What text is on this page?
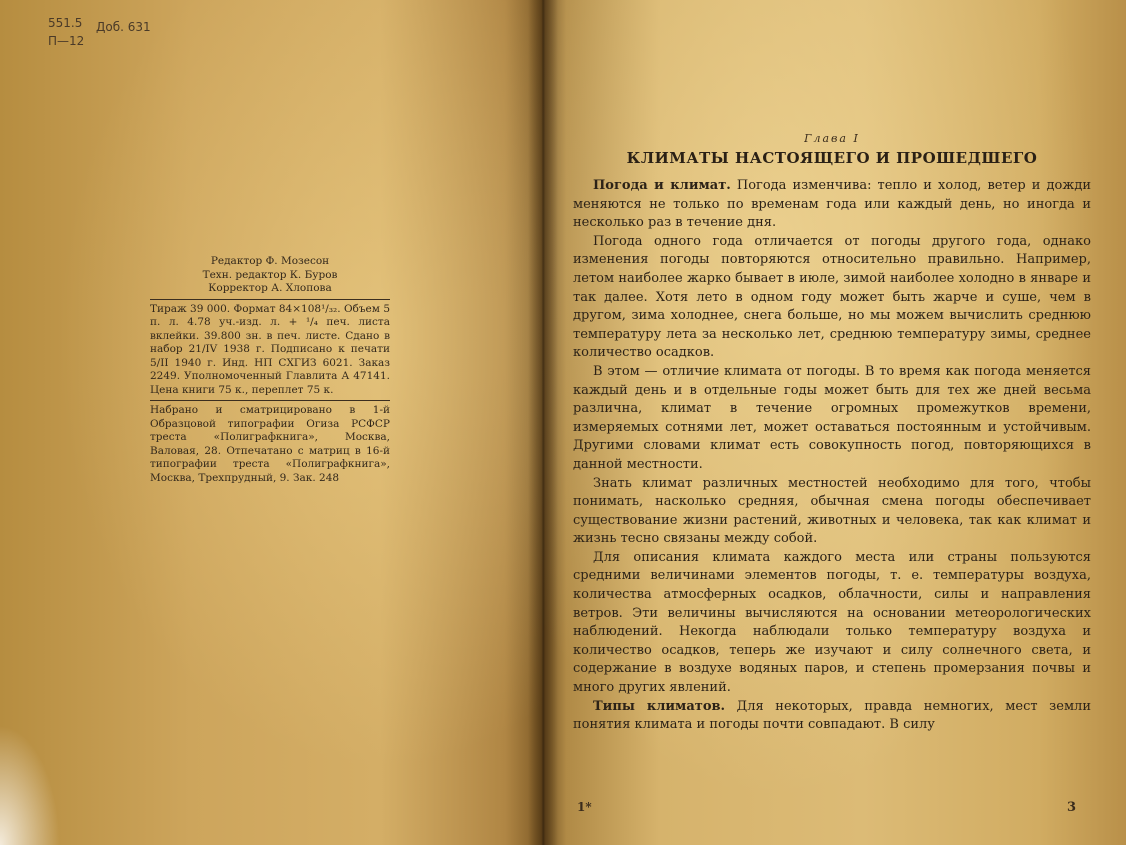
551.5
П—12
Доб. 631
Редактор Ф. Мозесон
Техн. редактор К. Буров
Корректор А. Хлопова
Тираж 39 000. Формат 84×108¹/₃₂. Объем 5 п. л. 4.78 уч.-изд. л. + ¹/₄ печ. листа вклейки. 39.800 зн. в печ. листе. Сдано в набор 21/IV 1938 г. Подписано к печати 5/II 1940 г. Инд. НП СХГИЗ 6021. Заказ 2249. Уполномоченный Главлита А 47141. Цена книги 75 к., переплет 75 к.
Набрано и сматрицировано в 1-й Образцовой типографии Огиза РСФСР треста «Полиграфкнига», Москва, Валовая, 28. Отпечатано с матриц в 16-й типографии треста «Полиграфкнига», Москва, Трехпрудный, 9. Зак. 248
Глава I
КЛИМАТЫ НАСТОЯЩЕГО И ПРОШЕДШЕГО

Погода и климат. Погода изменчива: тепло и холод, ветер и дожди меняются не только по временам года или каждый день, но иногда и несколько раз в течение дня.

Погода одного года отличается от погоды другого года, однако изменения погоды повторяются относительно правильно. Например, летом наиболее жарко бывает в июле, зимой наиболее холодно в январе и так далее. Хотя лето в одном году может быть жарче и суше, чем в другом, зима холоднее, снега больше, но мы можем вычислить среднюю температуру лета за несколько лет, среднюю температуру зимы, среднее количество осадков.

В этом — отличие климата от погоды. В то время как погода меняется каждый день и в отдельные годы может быть для тех же дней весьма различна, климат в течение огромных промежутков времени, измеряемых сотнями лет, может оставаться постоянным и устойчивым. Другими словами климат есть совокупность погод, повторяющихся в данной местности.

Знать климат различных местностей необходимо для того, чтобы понимать, насколько средняя, обычная смена погоды обеспечивает существование жизни растений, животных и человека, так как климат и жизнь тесно связаны между собой.

Для описания климата каждого места или страны пользуются средними величинами элементов погоды, т. е. температуры воздуха, количества атмосферных осадков, облачности, силы и направления ветров. Эти величины вычисляются на основании метеорологических наблюдений. Некогда наблюдали только температуру воздуха и количество осадков, теперь же изучают и силу солнечного света, и содержание в воздухе водяных паров, и степень промерзания почвы и много других явлений.

Типы климатов. Для некоторых, правда немногих, мест земли понятия климата и погоды почти совпадают. В силу

1*	3
